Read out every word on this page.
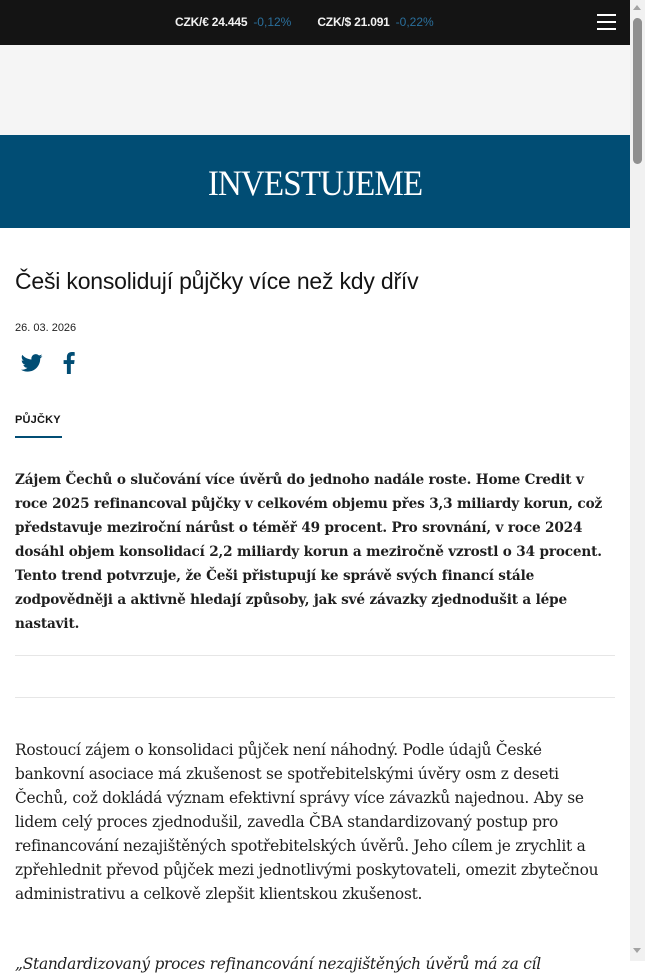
CZK/€ 24.445 -0,12% CZK/$ 21.091 -0,22%
INVESTUJEME
Češi konsolidují půjčky více než kdy dřív
26. 03. 2026
PŮJČKY

Zájem Čechů o slučování více úvěrů do jednoho nadále roste. Home Credit v roce 2025 refinancoval půjčky v celkovém objemu přes 3,3 miliardy korun, což představuje meziroční nárůst o téměř 49 procent. Pro srovnání, v roce 2024 dosáhl objem konsolidací 2,2 miliardy korun a meziročně vzrostl o 34 procent. Tento trend potvrzuje, že Češi přistupují ke správě svých financí stále zodpovědněji a aktivně hledají způsoby, jak své závazky zjednodušit a lépe nastavit.

Rostoucí zájem o konsolidaci půjček není náhodný. Podle údajů České bankovní asociace má zkušenost se spotřebitelskými úvěry osm z deseti Čechů, což dokládá význam efektivní správy více závazků najednou. Aby se lidem celý proces zjednodušil, zavedla ČBA standardizovaný postup pro refinancování nezajištěných spotřebitelských úvěrů. Jeho cílem je zrychlit a zpřehlednit převod půjček mezi jednotlivými poskytovateli, omezit zbytečnou administrativu a celkově zlepšit klientskou zkušenost.

„Standardizovaný proces refinancování nezajištěných úvěrů má za cíl
